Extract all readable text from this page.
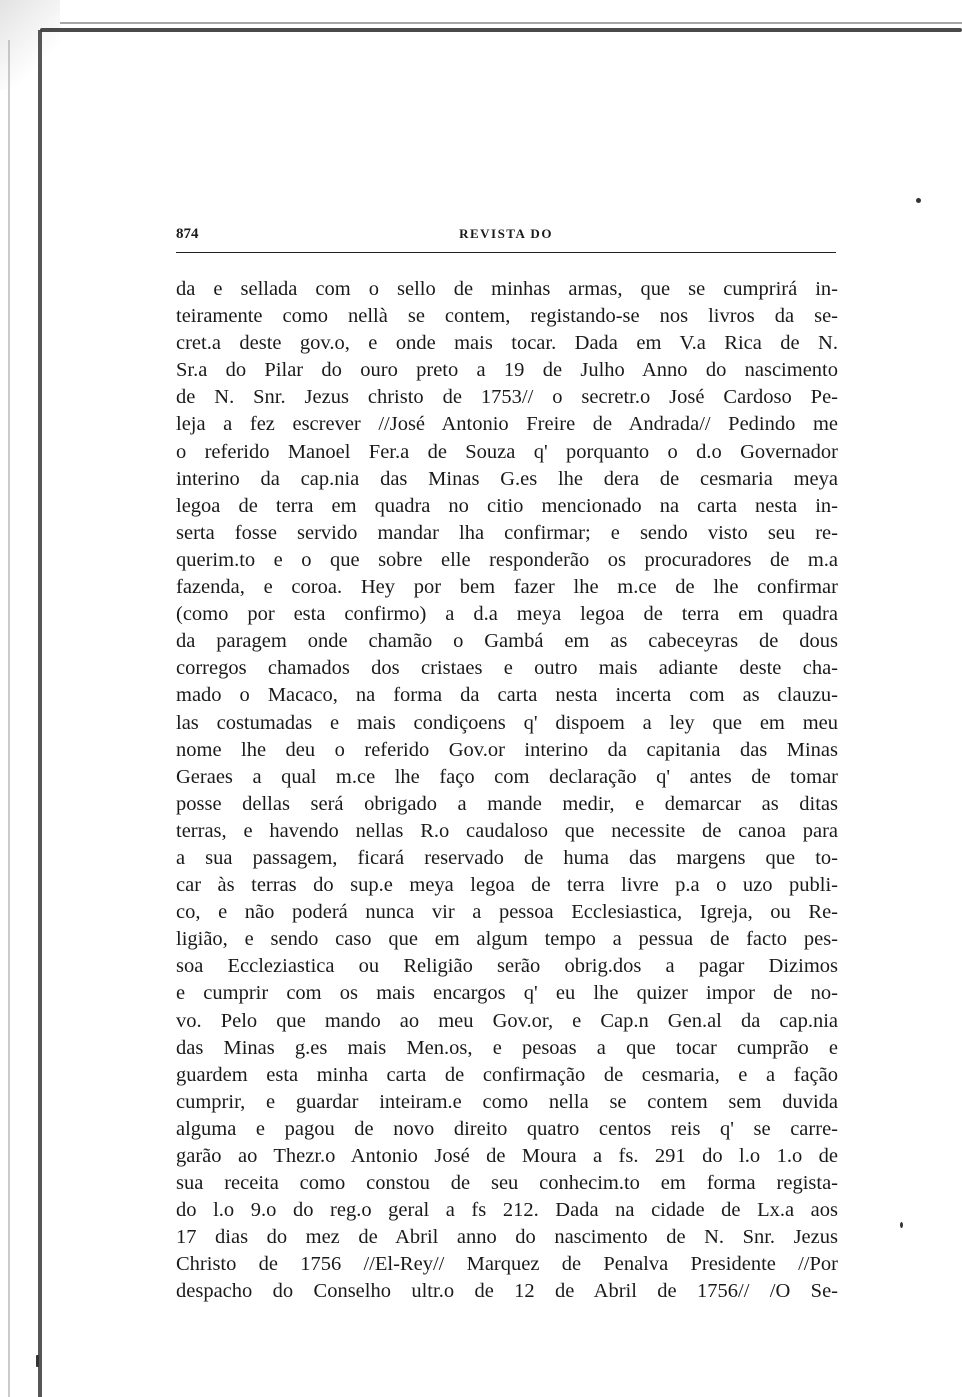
874	REVISTA DO
da e sellada com o sello de minhas armas, que se cumprirá in-
teiramente como nellà se contem, registando-se nos livros da se-
cret.a deste gov.o, e onde mais tocar. Dada em V.a Rica de N.
Sr.a do Pilar do ouro preto a 19 de Julho Anno do nascimento
de N. Snr. Jezus christo de 1753// o secretr.o José Cardoso Pe-
leja a fez escrever //José Antonio Freire de Andrada// Pedindo me
o referido Manoel Fer.a de Souza q' porquanto o d.o Governador
interino da cap.nia das Minas G.es lhe dera de cesmaria meya
legoa de terra em quadra no citio mencionado na carta nesta in-
serta fosse servido mandar lha confirmar; e sendo visto seu re-
querim.to e o que sobre elle responderão os procuradores de m.a
fazenda, e coroa. Hey por bem fazer lhe m.ce de lhe confirmar
(como por esta confirmo) a d.a meya legoa de terra em quadra
da paragem onde chamão o Gambá em as cabeceyras de dous
corregos chamados dos cristaes e outro mais adiante deste cha-
mado o Macaco, na forma da carta nesta incerta com as clauzu-
las costumadas e mais condiçoens q' dispoem a ley que em meu
nome lhe deu o referido Gov.or interino da capitania das Minas
Geraes a qual m.ce lhe faço com declaração q' antes de tomar
posse dellas será obrigado a mande medir, e demarcar as ditas
terras, e havendo nellas R.o caudaloso que necessite de canoa para
a sua passagem, ficará reservado de huma das margens que to-
car às terras do sup.e meya legoa de terra livre p.a o uzo publi-
co, e não poderá nunca vir a pessoa Ecclesiastica, Igreja, ou Re-
ligião, e sendo caso que em algum tempo a pessua de facto pes-
soa Eccleziastica ou Religião serão obrig.dos a pagar Dizimos
e cumprir com os mais encargos q' eu lhe quizer impor de no-
vo. Pelo que mando ao meu Gov.or, e Cap.n Gen.al da cap.nia
das Minas g.es mais Men.os, e pesoas a que tocar cumprão e
guardem esta minha carta de confirmação de cesmaria, e a fação
cumprir, e guardar inteiram.e como nella se contem sem duvida
alguma e pagou de novo direito quatro centos reis q' se carre-
garão ao Thezr.o Antonio José de Moura a fs. 291 do l.o 1.o de
sua receita como constou de seu conhecim.to em forma regista-
do l.o 9.o do reg.o geral a fs 212. Dada na cidade de Lx.a aos
17 dias do mez de Abril anno do nascimento de N. Snr. Jezus
Christo de 1756 //El-Rey// Marquez de Penalva Presidente //Por
despacho do Conselho ultr.o de 12 de Abril de 1756// /O Se-
